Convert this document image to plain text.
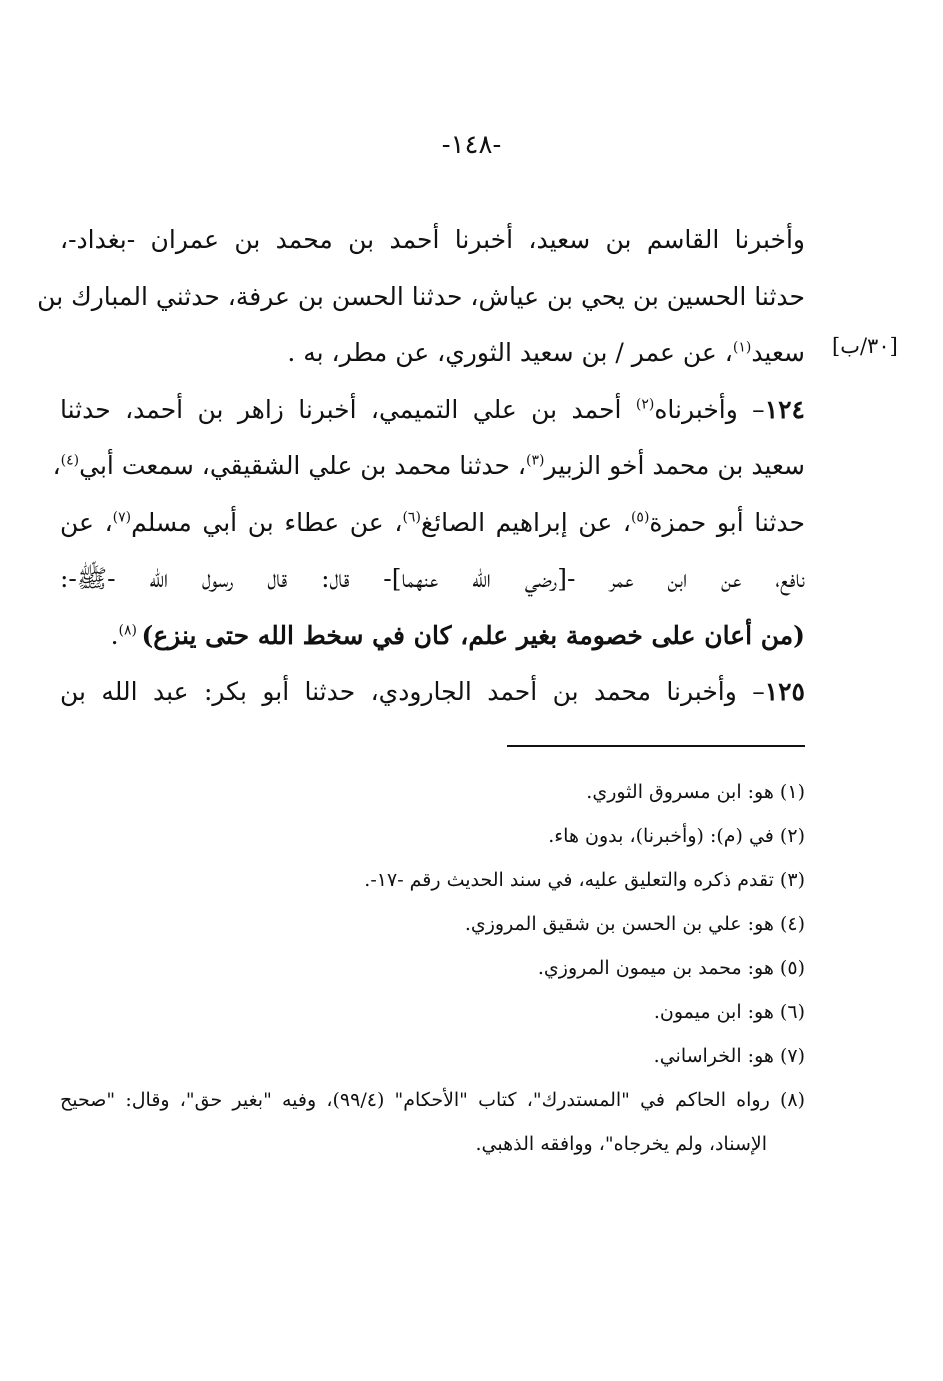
-١٤٨-
[٣٠/ب]
وأخبرنا القاسم بن سعيد، أخبرنا أحمد بن محمد بن عمران -بغداد-،
حدثنا الحسين بن يحي بن عياش، حدثنا الحسن بن عرفة، حدثني المبارك بن
سعيد$^{(١)}$، عن عمر / بن سعيد الثوري، عن مطر، به .
١٢٤– وأخبرناه$^{(٢)}$ أحمد بن علي التميمي، أخبرنا زاهر بن أحمد، حدثنا
سعيد بن محمد أخو الزبير$^{(٣)}$، حدثنا محمد بن علي الشقيقي، سمعت أبي$^{(٤)}$،
حدثنا أبو حمزة$^{(٥)}$، عن إبراهيم الصائغ$^{(٦)}$، عن عطاء بن أبي مسلم$^{(٧)}$، عن
نافع، عن ابن عمر -[رضي الله عنهما]- قال: قال رسول الله -ﷺ-:
(من أعان على خصومة بغير علم، كان في سخط الله حتى ينزع) $^{(٨)}$.
١٢٥– وأخبرنا محمد بن أحمد الجارودي، حدثنا أبو بكر: عبد الله بن
(١) هو: ابن مسروق الثوري.
(٢) في (م): (وأخبرنا)، بدون هاء.
(٣) تقدم ذكره والتعليق عليه، في سند الحديث رقم -١٧-.
(٤) هو: علي بن الحسن بن شقيق المروزي.
(٥) هو: محمد بن ميمون المروزي.
(٦) هو: ابن ميمون.
(٧) هو: الخراساني.
(٨) رواه الحاكم في "المستدرك"، كتاب "الأحكام" (٩٩/٤)، وفيه "بغير حق"، وقال: "صحيح
الإسناد، ولم يخرجاه"، ووافقه الذهبي.
